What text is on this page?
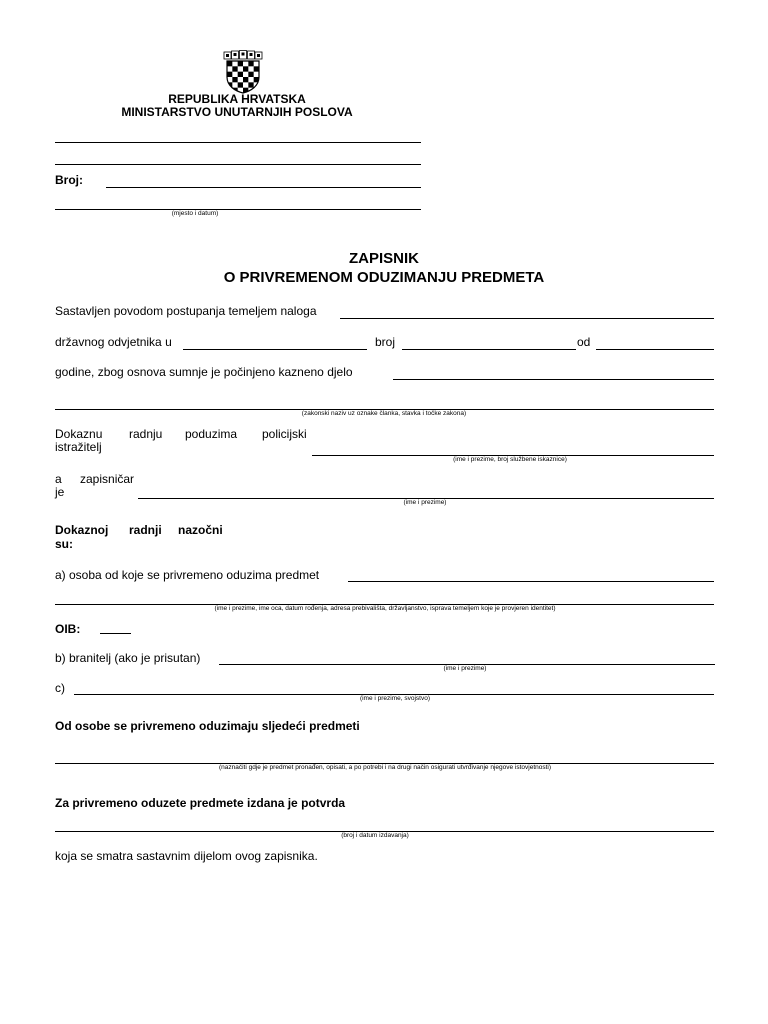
REPUBLIKA HRVATSKA
MINISTARSTVO UNUTARNJIH POSLOVA
Broj:
(mjesto i datum)
ZAPISNIK
O PRIVREMENOM ODUZIMANJU PREDMETA
Sastavljen povodom postupanja temeljem naloga
državnog odvjetnika u	broj	od
godine, zbog osnova sumnje je počinjeno kazneno djelo
(zakonski naziv uz oznake članka, stavka i točke zakona)
Dokaznu radnju poduzima policijski
istražitelj
(ime i prezime, broj službene iskaznice)
a zapisničar
je
(ime i prezime)
Dokaznoj radnji nazočni
su:
a) osoba od koje se privremeno oduzima predmet
(ime i prezime, ime oca, datum rođenja, adresa prebivališta, državljanstvo, isprava temeljem koje je provjeren identitet)
OIB:
b) branitelj (ako je prisutan)
(ime i prezime)
c)
(ime i prezime, svojstvo)
Od osobe se privremeno oduzimaju sljedeći predmeti
(naznačiti gdje je predmet pronađen, opisati, a po potrebi i na drugi način osigurati utvrđivanje njegove istovjetnosti)
Za privremeno oduzete predmete izdana je potvrda
(broj i datum izdavanja)
koja se smatra sastavnim dijelom ovog zapisnika.
